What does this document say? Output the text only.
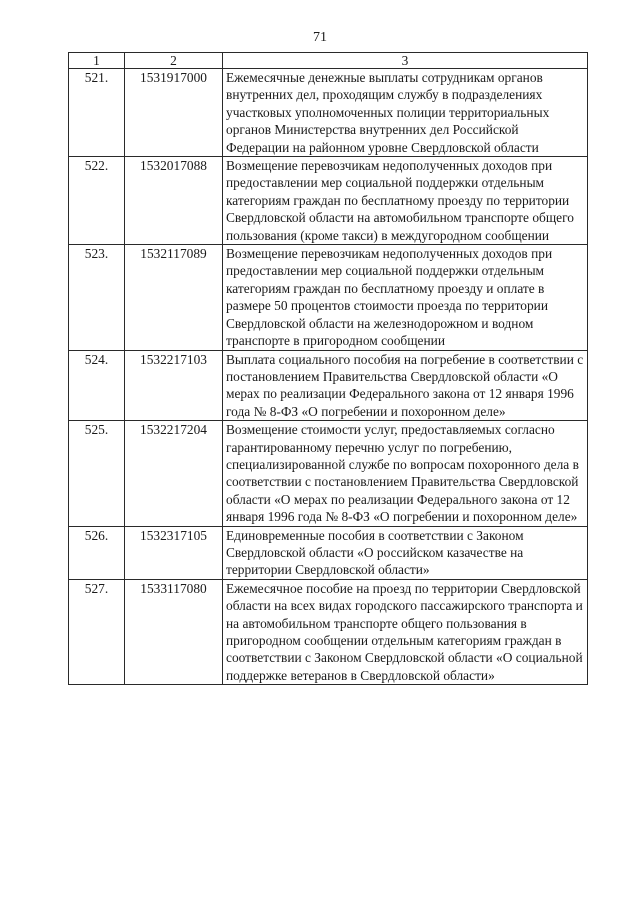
71
1	2	3
521.	1531917000	Ежемесячные денежные выплаты сотрудникам органов внутренних дел, проходящим службу в подразделениях участковых уполномоченных полиции территориальных органов Министерства внутренних дел Российской Федерации на районном уровне Свердловской области
522.	1532017088	Возмещение перевозчикам недополученных доходов при предоставлении мер социальной поддержки отдельным категориям граждан по бесплатному проезду по территории Свердловской области на автомобильном транспорте общего пользования (кроме такси) в междугородном сообщении
523.	1532117089	Возмещение перевозчикам недополученных доходов при предоставлении мер социальной поддержки отдельным категориям граждан по бесплатному проезду и оплате в размере 50 процентов стоимости проезда по территории Свердловской области на железнодорожном и водном транспорте в пригородном сообщении
524.	1532217103	Выплата социального пособия на погребение в соответствии с постановлением Правительства Свердловской области «О мерах по реализации Федерального закона от 12 января 1996 года № 8-ФЗ «О погребении и похоронном деле»
525.	1532217204	Возмещение стоимости услуг, предоставляемых согласно гарантированному перечню услуг по погребению, специализированной службе по вопросам похоронного дела в соответствии с постановлением Правительства Свердловской области «О мерах по реализации Федерального закона от 12 января 1996 года № 8-ФЗ «О погребении и похоронном деле»
526.	1532317105	Единовременные пособия в соответствии с Законом Свердловской области «О российском казачестве на территории Свердловской области»
527.	1533117080	Ежемесячное пособие на проезд по территории Свердловской области на всех видах городского пассажирского транспорта и на автомобильном транспорте общего пользования в пригородном сообщении отдельным категориям граждан в соответствии с Законом Свердловской области «О социальной поддержке ветеранов в Свердловской области»
